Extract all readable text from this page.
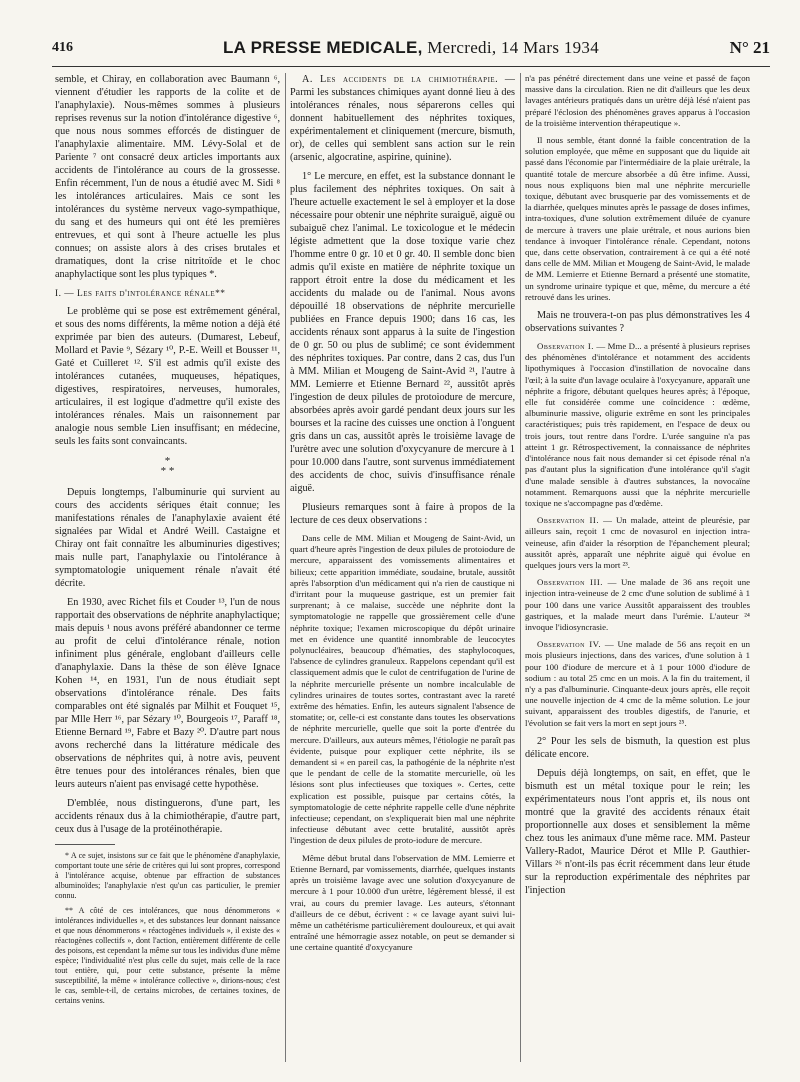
416	LA PRESSE MEDICALE, Mercredi, 14 Mars 1934	N° 21

semble, et Chiray, en collaboration avec Baumann ⁶, viennent d'étudier les rapports de la colite et de l'anaphylaxie). Nous-mêmes sommes à plusieurs reprises revenus sur la notion d'intolérance digestive ⁶, que nous nous sommes efforcés de distinguer de l'anaphylaxie alimentaire. MM. Lévy-Solal et de Pariente ⁷ ont consacré deux articles importants aux accidents de l'intolérance au cours de la grossesse. Enfin récemment, l'un de nous a étudié avec M. Sidi ⁸ les intolérances articulaires. Mais ce sont les intolérances du système nerveux vago-sympathique, du sang et des humeurs qui ont été les premières entrevues, et qui sont à l'heure actuelle les plus connues; on assiste alors à des crises brutales et dramatiques, dont la crise nitritoïde et le choc anaphylactique sont les plus typiques *.

I. — Les faits d'intolérance rénale**

Le problème qui se pose est extrêmement général, et sous des noms différents, la même notion a déjà été exprimée par bien des auteurs. (Dumarest, Lebeuf, Mollard et Pavie ⁹, Sézary ¹⁰, P.-E. Weill et Bousser ¹¹, Gaté et Cuilleret ¹². S'il est admis qu'il existe des intolérances cutanées, muqueuses, hépatiques, digestives, respiratoires, nerveuses, humorales, articulaires, il est logique d'admettre qu'il existe des intolérances rénales. Mais un raisonnement par analogie nous semble Lien insuffisant; en médecine, seuls les faits sont convaincants.

*
* *

Depuis longtemps, l'albuminurie qui survient au cours des accidents sériques était connue; les manifestations rénales de l'anaphylaxie avaient été signalées par Widal et André Weill. Castaigne et Chiray ont fait connaître les albuminuries digestives; mais nulle part, l'anaphylaxie ou l'intolérance à symptomatologie uniquement rénale n'avait été décrite.

En 1930, avec Richet fils et Couder ¹³, l'un de nous rapportait des observations de néphrite anaphylactique; mais depuis ¹ nous avons préféré abandonner ce terme au profit de celui d'intolérance rénale, notion infiniment plus générale, englobant d'ailleurs celle d'anaphylaxie. Dans la thèse de son élève Ignace Kohen ¹⁴, en 1931, l'un de nous étudiait sept observations d'intolérance rénale. Des faits comparables ont été signalés par Milhit et Fouquet ¹⁵, par Mlle Herr ¹⁶, par Sézary ¹⁰, Bourgeois ¹⁷, Paraff ¹⁸, Etienne Bernard ¹⁹, Fabre et Bazy ²⁰. D'autre part nous avons recherché dans la littérature médicale des observations de néphrites qui, à notre avis, peuvent être tenues pour des intolérances rénales, bien que leurs auteurs n'aient pas envisagé cette hypothèse.

D'emblée, nous distinguerons, d'une part, les accidents rénaux dus à la chimiothérapie, d'autre part, ceux dus à l'usage de la protéinothérapie.

* A ce sujet, insistons sur ce fait que le phénomène d'anaphylaxie, comportant toute une série de critères qui lui sont propres, correspond à l'intolérance acquise, obtenue par effraction de substances albuminoïdes; l'anaphylaxie n'est qu'un cas particulier, le premier connu.

** A côté de ces intolérances, que nous dénommerons « intolérances individuelles », et des substances leur donnant naissance et que nous dénommerons « réactogènes individuels », il existe des « réactogènes collectifs », dont l'action, entièrement différente de celle des poisons, est cependant la même sur tous les individus d'une même espèce; l'individualité n'est plus celle du sujet, mais celle de la race tout entière, qui, pour cette substance, présente la même susceptibilité, la même « intolérance collective », dirions-nous; c'est le cas, semble-t-il, de certains microbes, de certaines toxines, de certains venins.

A. Les accidents de la chimiothérapie. — Parmi les substances chimiques ayant donné lieu à des intolérances rénales, nous séparerons celles qui donnent habituellement des néphrites toxiques, expérimentalement et cliniquement (mercure, bismuth, or), de celles qui semblent sans action sur le rein (arsenic, algocratine, aspirine, quinine).

1° Le mercure, en effet, est la substance donnant le plus facilement des néphrites toxiques. On sait à l'heure actuelle exactement le sel à employer et la dose nécessaire pour obtenir une néphrite suraiguë, aiguë ou subaiguë chez l'animal. Le toxicologue et le médecin légiste admettent que la dose toxique varie chez l'homme entre 0 gr. 10 et 0 gr. 40. Il semble donc bien admis qu'il existe en matière de néphrite toxique un rapport étroit entre la dose du médicament et les accidents du malade ou de l'animal. Nous avons dépouillé 18 observations de néphrite mercurielle publiées en France depuis 1900; dans 16 cas, les accidents rénaux sont apparus à la suite de l'ingestion de 0 gr. 50 ou plus de sublimé; ce sont évidemment des néphrites toxiques. Par contre, dans 2 cas, dus l'un à MM. Milian et Mougeng de Saint-Avid ²¹, l'autre à MM. Lemierre et Etienne Bernard ²², aussitôt après l'ingestion de deux pilules de protoiodure de mercure, absorbées après avoir gardé pendant deux jours sur les bourses et la racine des cuisses une onction à l'onguent gris dans un cas, aussitôt après le troisième lavage de l'urètre avec une solution d'oxycyanure de mercure à 1 pour 10.000 dans l'autre, sont survenus immédiatement des accidents de choc, suivis d'insuffisance rénale aiguë.

Plusieurs remarques sont à faire à propos de la lecture de ces deux observations :

Dans celle de MM. Milian et Mougeng de Saint-Avid, un quart d'heure après l'ingestion de deux pilules de protoiodure de mercure, apparaissent des vomissements alimentaires et bilieux; cette apparition immédiate, soudaine, brutale, aussitôt après l'absorption d'un médicament qui n'a rien de caustique ni d'irritant pour la muqueuse gastrique, est un premier fait surprenant; à ce malaise, succède une néphrite dont la symptomatologie ne rappelle que grossièrement celle d'une néphrite toxique; l'examen microscopique du dépôt urinaire met en évidence une quantité innombrable de leucocytes polynucléaires, beaucoup d'hématies, des staphylocoques, l'absence de cylindres granuleux. Rappelons cependant qu'il est classiquement admis que le culot de centrifugation de l'urine de la néphrite mercurielle présente un nombre incalculable de cylindres urinaires de toutes sortes, contrastant avec la rareté extrême des hématies. Enfin, les auteurs signalent l'absence de stomatite; or, celle-ci est constante dans toutes les observations de néphrite mercurielle, quelle que soit la porte d'entrée du mercure. D'ailleurs, aux auteurs mêmes, l'étiologie ne paraît pas évidente, puisque pour expliquer cette néphrite, ils se demandent si « en pareil cas, la pathogénie de la néphrite n'est que le pendant de celle de la stomatite mercurielle, où les lésions sont plus infectieuses que toxiques ». Certes, cette explication est possible, puisque par certains côtés, la symptomatologie de cette néphrite rappelle celle d'une néphrite infectieuse; cependant, on s'expliquerait bien mal une néphrite infectieuse débutant avec cette brutalité, aussitôt après l'ingestion de deux pilules de proto-iodure de mercure.

Même début brutal dans l'observation de MM. Lemierre et Etienne Bernard, par vomissements, diarrhée, quelques instants après un troisième lavage avec une solution d'oxycyanure de mercure à 1 pour 10.000 d'un urètre, légèrement blessé, il est vrai, au cours du premier lavage. Les auteurs, s'étonnant d'ailleurs de ce début, écrivent : « ce lavage ayant suivi lui-même un cathétérisme particulièrement douloureux, et qui avait entraîné une hémorragie assez notable, on peut se demander si une certaine quantité d'oxycyanure

n'a pas pénétré directement dans une veine et passé de façon massive dans la circulation. Rien ne dit d'ailleurs que les deux lavages antérieurs pratiqués dans un urètre déjà lésé n'aient pas préparé l'éclosion des phénomènes graves apparus à l'occasion de la troisième intervention thérapeutique ».

Il nous semble, étant donné la faible concentration de la solution employée, que même en supposant que du liquide ait passé dans l'économie par l'intermédiaire de la plaie urétrale, la quantité totale de mercure absorbée a dû être infime. Aussi, nous nous expliquons bien mal une néphrite mercurielle toxique, débutant avec brusquerie par des vomissements et de la diarrhée, quelques minutes après le passage de doses infimes, intra-toxiques, d'une solution extrêmement diluée de cyanure de mercure à travers une plaie urétrale, et nous aurions bien tendance à invoquer l'intolérance rénale. Cependant, notons que, dans cette observation, contrairement à ce qui a été noté dans celle de MM. Milian et Mougeng de Saint-Avid, le malade de MM. Lemierre et Etienne Bernard a présenté une stomatite, un syndrome urinaire typique et que, même, du mercure a été retrouvé dans les urines.

Mais ne trouvera-t-on pas plus démonstratives les 4 observations suivantes ?

Observation I. — Mme D... a présenté à plusieurs reprises des phénomènes d'intolérance et notamment des accidents lipothymiques à l'occasion d'instillation de novocaïne dans l'œil; à la suite d'un lavage oculaire à l'oxycyanure, apparaît une néphrite a frigore, débutant quelques heures après; à l'époque, elle fut considérée comme une coïncidence : œdème, albuminurie massive, oligurie extrême en sont les principales caractéristiques; puis très rapidement, en l'espace de deux ou trois jours, tout rentre dans l'ordre. L'urée sanguine n'a pas atteint 1 gr. Rétrospectivement, la connaissance de néphrites d'intolérance nous fait nous demander si cet épisode rénal n'a pas d'autant plus la signification d'une intolérance qu'il s'agit d'une malade sensible à d'autres substances, la novocaïne notamment. Remarquons aussi que la néphrite mercurielle toxique ne s'accompagne pas d'œdème.

Observation II. — Un malade, atteint de pleurésie, par ailleurs sain, reçoit 1 cmc de novasurol en injection intra-veineuse, afin d'aider la résorption de l'épanchement pleural; aussitôt après, apparaît une néphrite aiguë qui évolue en quelques jours vers la mort ²³.

Observation III. — Une malade de 36 ans reçoit une injection intra-veineuse de 2 cmc d'une solution de sublimé à 1 pour 100 dans une varice Aussitôt apparaissent des troubles gastriques, et la malade meurt dans l'urémie. L'auteur ²⁴ invoque l'idiosyncrasie.

Observation IV. — Une malade de 56 ans reçoit en un mois plusieurs injections, dans des varices, d'une solution à 1 pour 100 d'iodure de mercure et à 1 pour 1000 d'iodure de sodium : au total 25 cmc en un mois. A la fin du traitement, il n'y a pas d'albuminurie. Cinquante-deux jours après, elle reçoit une nouvelle injection de 4 cmc de la même solution. Le jour suivant, apparaissent des troubles digestifs, de l'anurie, et l'évolution se fait vers la mort en sept jours ²⁵.

2° Pour les sels de bismuth, la question est plus délicate encore.

Depuis déjà longtemps, on sait, en effet, que le bismuth est un métal toxique pour le rein; les expérimentateurs nous l'ont appris et, ils nous ont montré que la gravité des accidents rénaux était proportionnelle aux doses et sensiblement la même chez tous les animaux d'une même race. MM. Pasteur Vallery-Radot, Maurice Dérot et Mlle P. Gauthier-Villars ²⁶ n'ont-ils pas écrit récemment dans leur étude sur la reproduction expérimentale des néphrites par l'injection
